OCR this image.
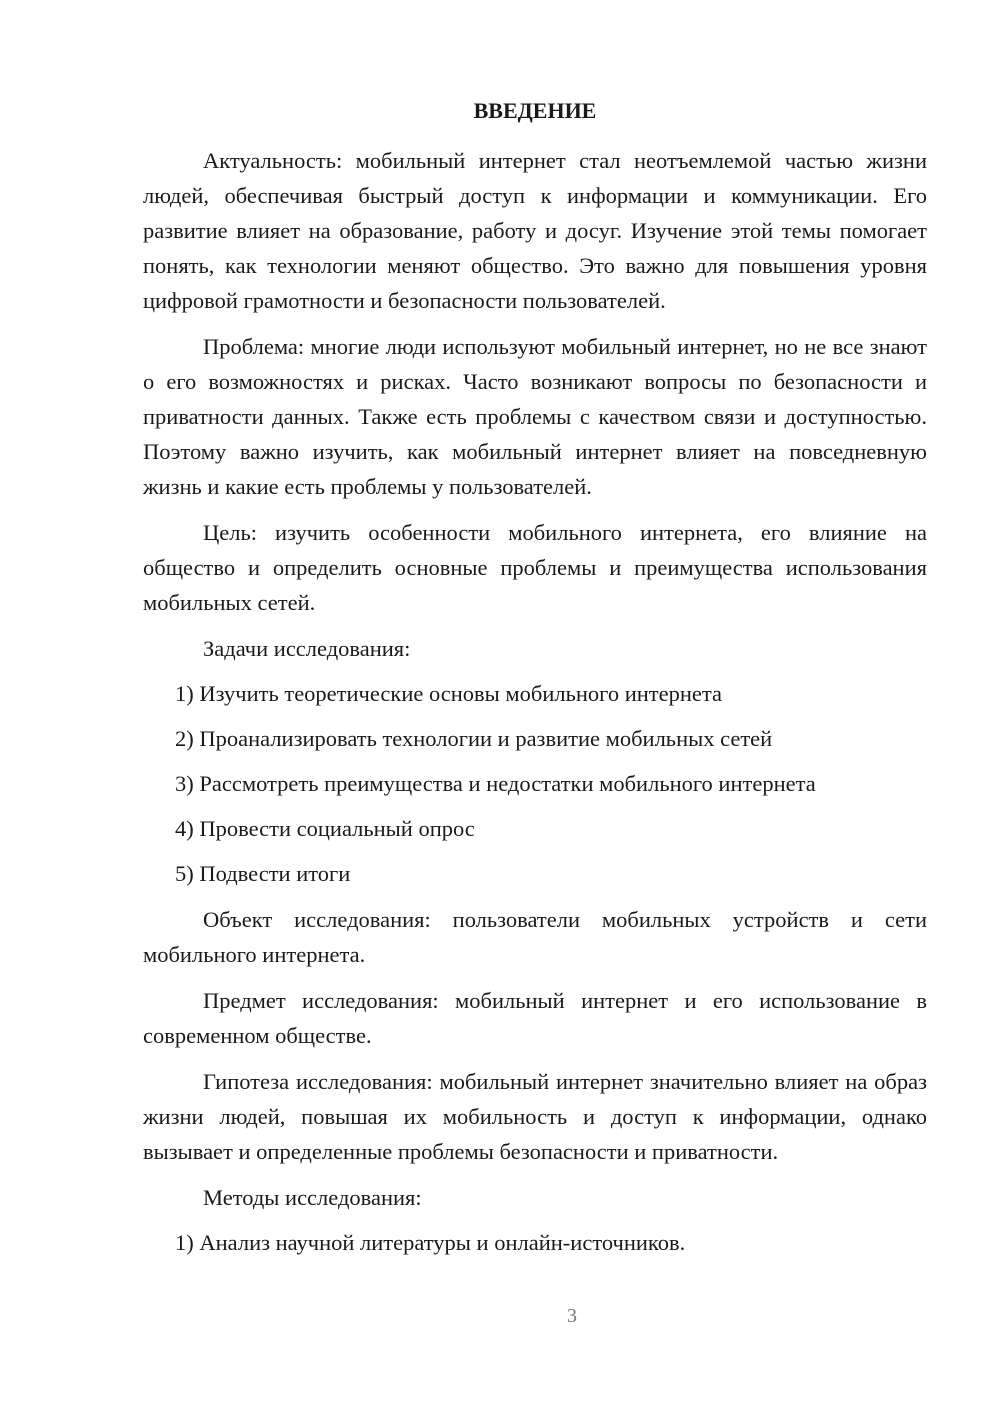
ВВЕДЕНИЕ

Актуальность: мобильный интернет стал неотъемлемой частью жизни людей, обеспечивая быстрый доступ к информации и коммуникации. Его развитие влияет на образование, работу и досуг. Изучение этой темы помогает понять, как технологии меняют общество. Это важно для повышения уровня цифровой грамотности и безопасности пользователей.

Проблема: многие люди используют мобильный интернет, но не все знают о его возможностях и рисках. Часто возникают вопросы по безопасности и приватности данных. Также есть проблемы с качеством связи и доступностью. Поэтому важно изучить, как мобильный интернет влияет на повседневную жизнь и какие есть проблемы у пользователей.

Цель: изучить особенности мобильного интернета, его влияние на общество и определить основные проблемы и преимущества использования мобильных сетей.

Задачи исследования:

1) Изучить теоретические основы мобильного интернета
2) Проанализировать технологии и развитие мобильных сетей
3) Рассмотреть преимущества и недостатки мобильного интернета
4) Провести социальный опрос
5) Подвести итоги

Объект исследования: пользователи мобильных устройств и сети мобильного интернета.

Предмет исследования: мобильный интернет и его использование в современном обществе.

Гипотеза исследования: мобильный интернет значительно влияет на образ жизни людей, повышая их мобильность и доступ к информации, однако вызывает и определенные проблемы безопасности и приватности.

Методы исследования:

1) Анализ научной литературы и онлайн-источников.
3
